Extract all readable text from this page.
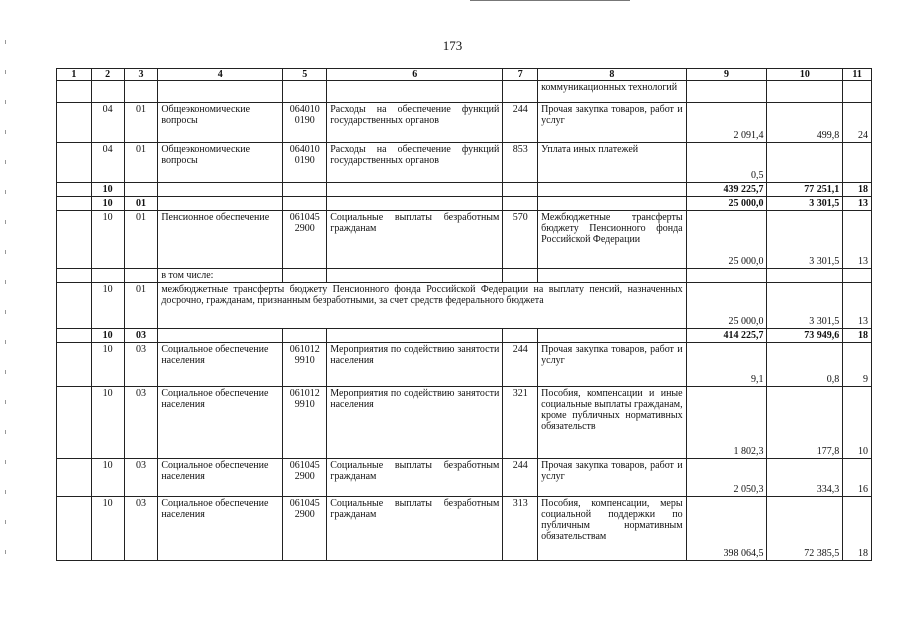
173
1	2	3	4	5	6	7	8	9	10	11
							коммуникационных технологий			
	04	01	Общеэкономические вопросы	064010 0190	Расходы на обеспечение функций государственных органов	244	Прочая закупка товаров, работ и услуг	2 091,4	499,8	24
	04	01	Общеэкономические вопросы	064010 0190	Расходы на обеспечение функций государственных органов	853	Уплата иных платежей	0,5		
	10							439 225,7	77 251,1	18
	10	01						25 000,0	3 301,5	13
	10	01	Пенсионное обеспечение	061045 2900	Социальные выплаты безработным гражданам	570	Межбюджетные трансферты бюджету Пенсионного фонда Российской Федерации	25 000,0	3 301,5	13
			в том числе:							
	10	01	межбюджетные трансферты бюджету Пенсионного фонда Российской Федерации на выплату пенсий, назначенных досрочно, гражданам, признанным безработными, за счет средств федерального бюджета					25 000,0	3 301,5	13
	10	03						414 225,7	73 949,6	18
	10	03	Социальное обеспечение населения	061012 9910	Мероприятия по содействию занятости населения	244	Прочая закупка товаров, работ и услуг	9,1	0,8	9
	10	03	Социальное обеспечение населения	061012 9910	Мероприятия по содействию занятости населения	321	Пособия, компенсации и иные социальные выплаты гражданам, кроме публичных нормативных обязательств	1 802,3	177,8	10
	10	03	Социальное обеспечение населения	061045 2900	Социальные выплаты безработным гражданам	244	Прочая закупка товаров, работ и услуг	2 050,3	334,3	16
	10	03	Социальное обеспечение населения	061045 2900	Социальные выплаты безработным гражданам	313	Пособия, компенсации, меры социальной поддержки по публичным нормативным обязательствам	398 064,5	72 385,5	18
